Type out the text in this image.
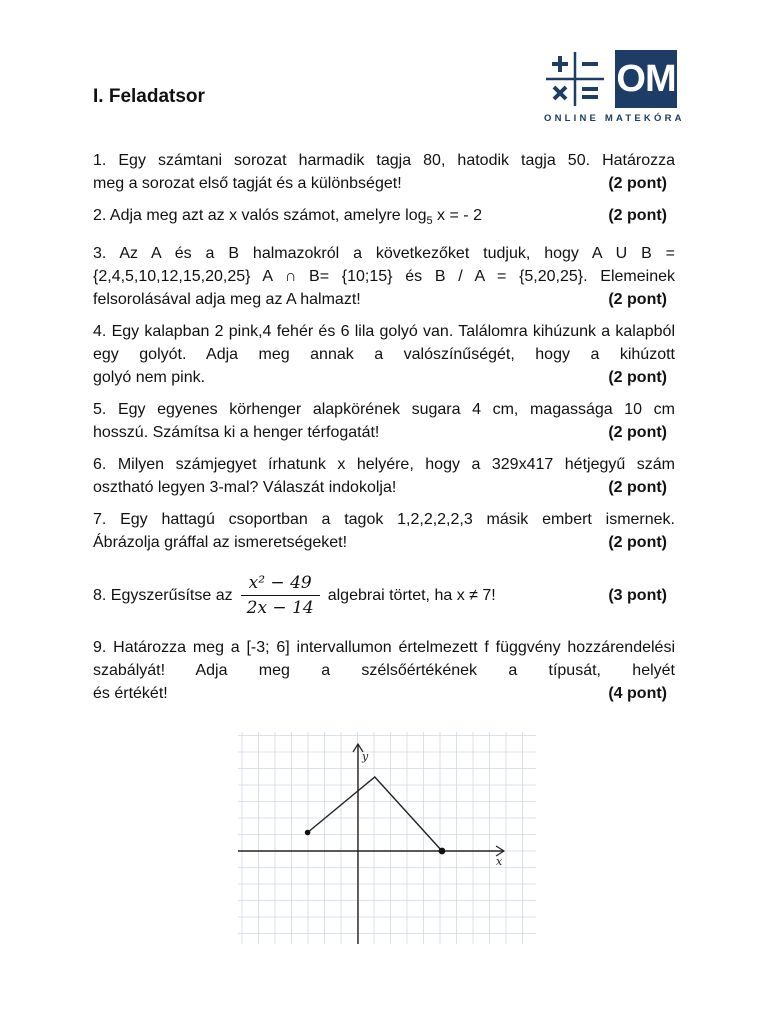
I. Feladatsor	OM
ONLINE MATEKÓRA
1. Egy számtani sorozat harmadik tagja 80, hatodik tagja 50. Határozza
meg a sorozat első tagját és a különbséget!	(2 pont)
2. Adja meg azt az x valós számot, amelyre $\log_5 x$ = - 2	(2 pont)
3. Az A és a B halmazokról a következőket tudjuk, hogy A U B = {2,4,5,10,12,15,20,25} A ∩ B= {10;15} és B / A = {5,20,25}. Elemeinek
felsorolásával adja meg az A halmazt!	(2 pont)
4. Egy kalapban 2 pink,4 fehér és 6 lila golyó van. Találomra kihúzunk a kalapból egy golyót. Adja meg annak a valószínűségét, hogy a kihúzott
golyó nem pink.	(2 pont)
5. Egy egyenes körhenger alapkörének sugara 4 cm, magassága 10 cm
hosszú. Számítsa ki a henger térfogatát!	(2 pont)
6. Milyen számjegyet írhatunk x helyére, hogy a 329x417 hétjegyű szám
osztható legyen 3-mal? Válaszát indokolja!	(2 pont)
7. Egy hattagú csoportban a tagok 1,2,2,2,2,3 másik embert ismernek.
Ábrázolja gráffal az ismeretségeket!	(2 pont)
8. Egyszerűsítse az $\frac{\text{x² − 49}}{2x - 14}$ algebrai törtet, ha x ≠ 7!	(3 pont)
9. Határozza meg a [-3; 6] intervallumon értelmezett f függvény hozzárendelési szabályát! Adja meg a szélsőértékének a típusát, helyét
és értékét!	(4 pont)
x
y
